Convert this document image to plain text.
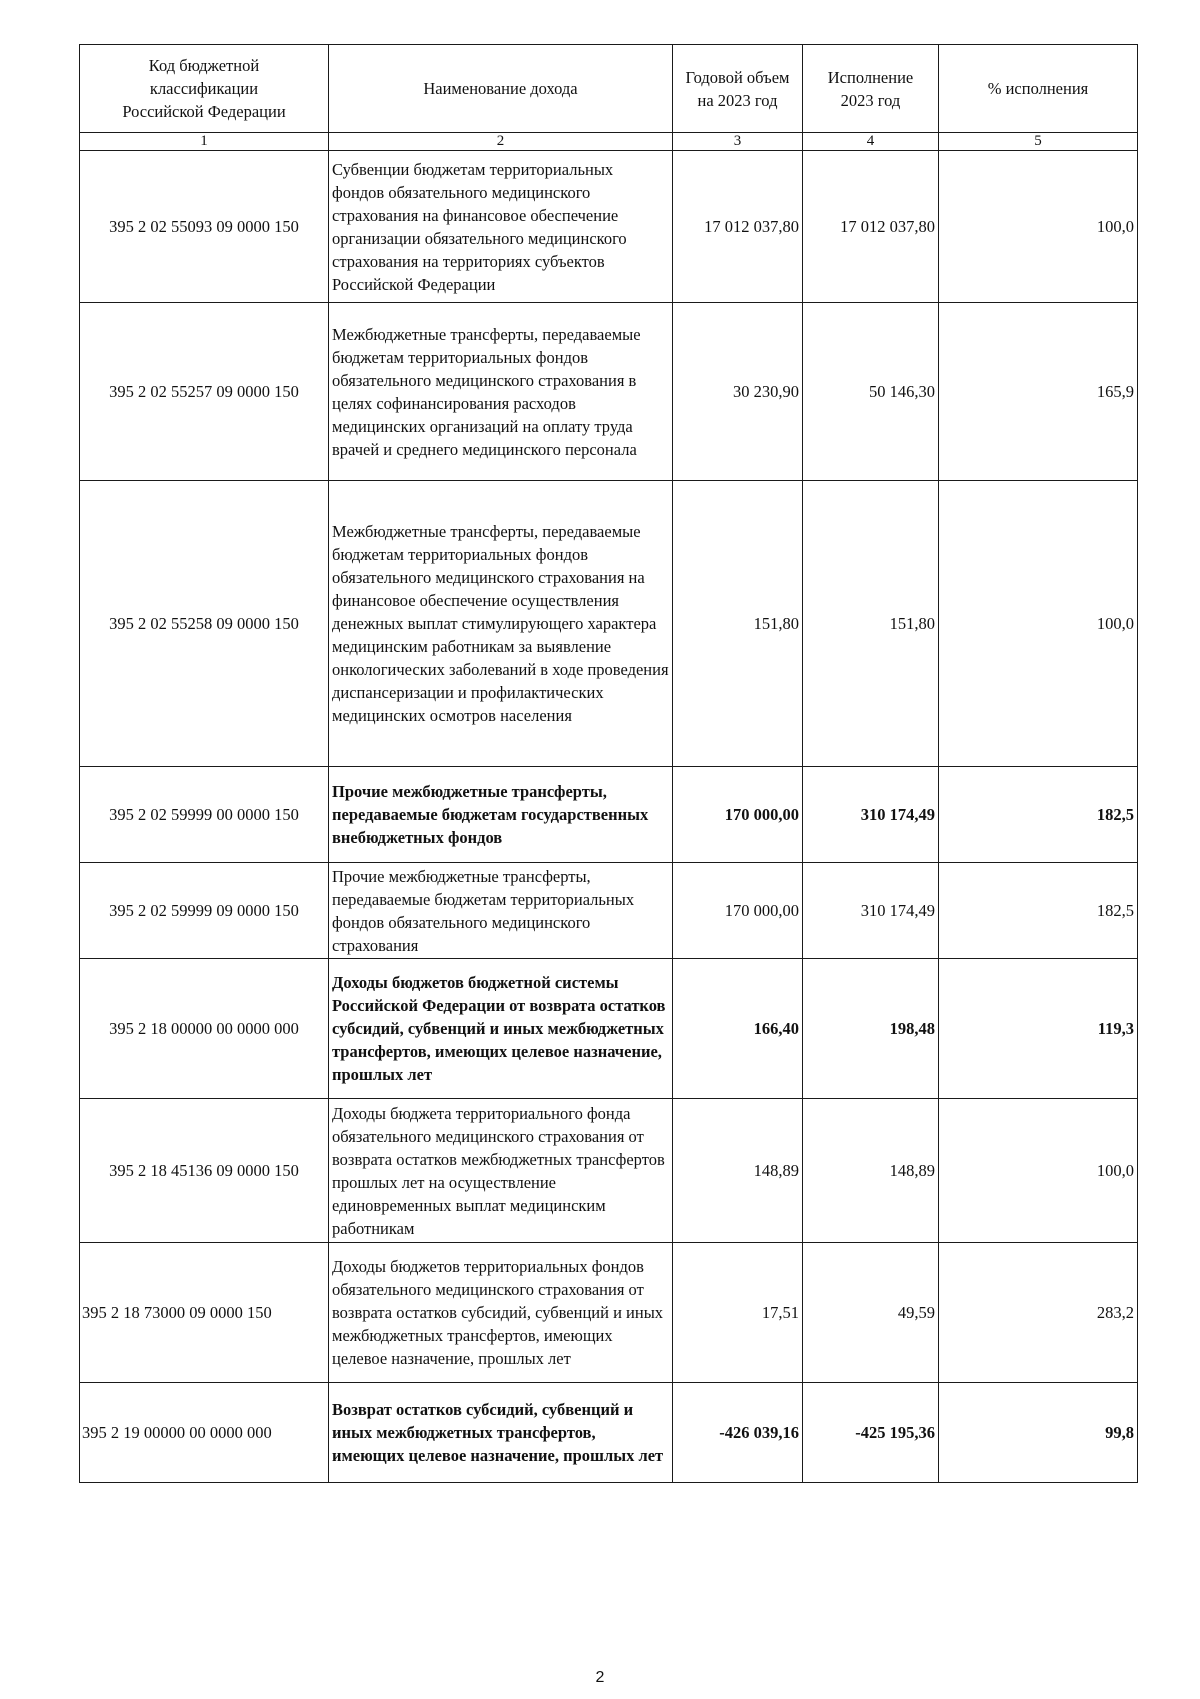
Код бюджетной классификации Российской Федерации	Наименование дохода	Годовой объем на 2023 год	Исполнение 2023 год	% исполнения
1	2	3	4	5
395 2 02 55093 09 0000 150	Субвенции бюджетам территориальных фондов обязательного медицинского страхования на финансовое обеспечение организации обязательного медицинского страхования на территориях субъектов Российской Федерации	17 012 037,80	17 012 037,80	100,0
395 2 02 55257 09 0000 150	Межбюджетные трансферты, передаваемые бюджетам территориальных фондов обязательного медицинского страхования в целях софинансирования расходов медицинских организаций на оплату труда врачей и среднего медицинского персонала	30 230,90	50 146,30	165,9
395 2 02 55258 09 0000 150	Межбюджетные трансферты, передаваемые бюджетам территориальных фондов обязательного медицинского страхования на финансовое обеспечение осуществления денежных выплат стимулирующего характера медицинским работникам за выявление онкологических заболеваний в ходе проведения диспансеризации и профилактических медицинских осмотров населения	151,80	151,80	100,0
395 2 02 59999 00 0000 150	Прочие межбюджетные трансферты, передаваемые бюджетам государственных внебюджетных фондов	170 000,00	310 174,49	182,5
395 2 02 59999 09 0000 150	Прочие межбюджетные трансферты, передаваемые бюджетам территориальных фондов обязательного медицинского страхования	170 000,00	310 174,49	182,5
395 2 18 00000 00 0000 000	Доходы бюджетов бюджетной системы Российской Федерации от возврата остатков субсидий, субвенций и иных межбюджетных трансфертов, имеющих целевое назначение, прошлых лет	166,40	198,48	119,3
395 2 18 45136 09 0000 150	Доходы бюджета территориального фонда обязательного медицинского страхования от возврата остатков межбюджетных трансфертов прошлых лет на осуществление единовременных выплат медицинским работникам	148,89	148,89	100,0
395 2 18 73000 09 0000 150	Доходы бюджетов территориальных фондов обязательного медицинского страхования от возврата остатков субсидий, субвенций и иных межбюджетных трансфертов, имеющих целевое назначение, прошлых лет	17,51	49,59	283,2
395 2 19 00000 00 0000 000	Возврат остатков субсидий, субвенций и иных межбюджетных трансфертов, имеющих целевое назначение, прошлых лет	-426 039,16	-425 195,36	99,8
2
